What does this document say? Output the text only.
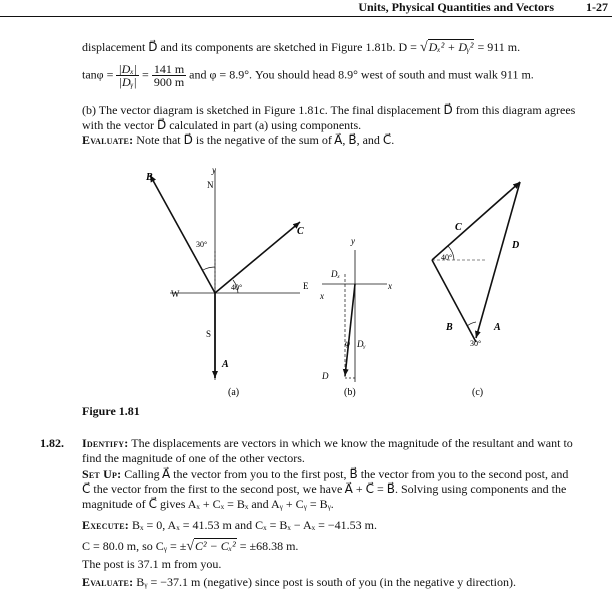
Units, Physical Quantities and Vectors	1-27
displacement D⃗ and its components are sketched in Figure 1.81b. D = √Dₓ² + Dᵧ² = 911 m.
$\tan\varphi = \frac{\text{|Dₓ|}}{\text{|Dᵧ|}} = \frac{141 m}{900 m}$ and φ = 8.9°. You should head 8.9° west of south and must walk 911 m.
(b) The vector diagram is sketched in Figure 1.81c. The final displacement D⃗ from this diagram agrees
with the vector D⃗ calculated in part (a) using components.
Evaluate: Note that D⃗ is the negative of the sum of A⃗, B⃗, and C⃗.
B⃗
y
N
C⃗
30°
40°
W
E
x
S
A⃗
(a)
y
x
Dₓ
Dᵧ
φ
D
(b)
C⃗
D⃗
40°
B⃗	A⃗
30°
(c)
Figure 1.81
1.82. Identify: The displacements are vectors in which we know the magnitude of the resultant and want to
find the magnitude of one of the other vectors.
Set Up: Calling A⃗ the vector from you to the first post, B⃗ the vector from you to the second post, and
C⃗ the vector from the first to the second post, we have A⃗ + C⃗ = B⃗. Solving using components and the
magnitude of C⃗ gives Aₓ + Cₓ = Bₓ and Aᵧ + Cᵧ = Bᵧ.
Execute: Bₓ = 0, Aₓ = 41.53 m and Cₓ = Bₓ − Aₓ = −41.53 m.
C = 80.0 m, so Cᵧ = ±√C² − Cₓ² = ±68.38 m.
The post is 37.1 m from you.
Evaluate: Bᵧ = −37.1 m (negative) since post is south of you (in the negative y direction).
